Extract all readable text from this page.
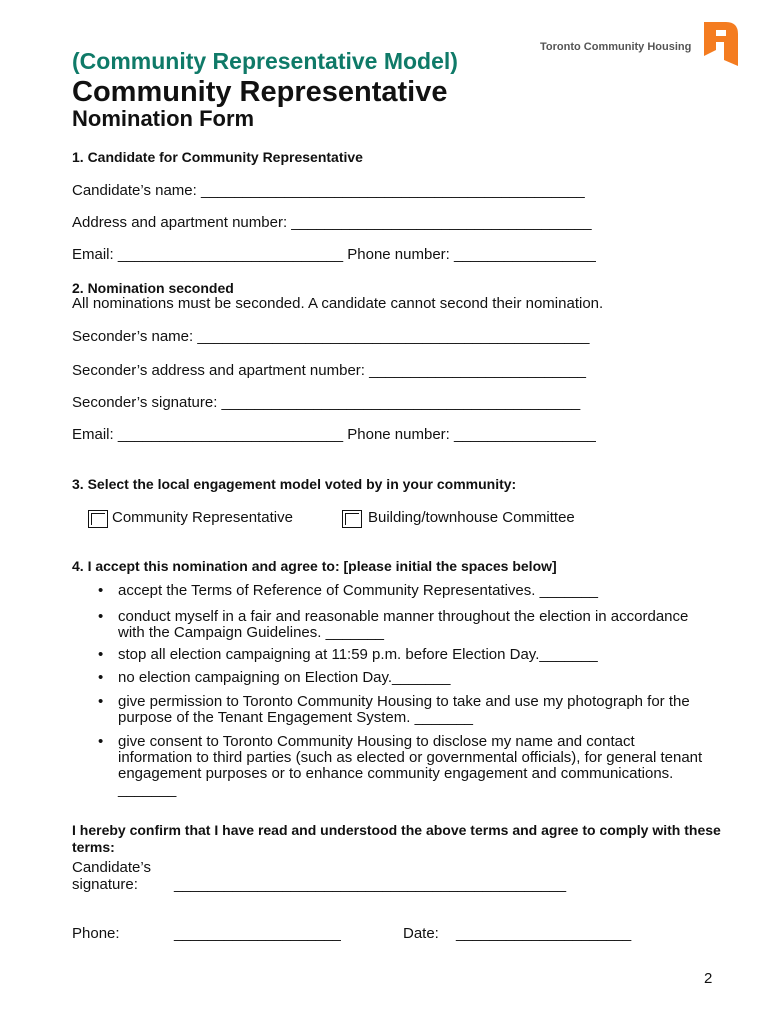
(Community Representative Model)
Community Representative
Nomination Form
Toronto Community Housing
1. Candidate for Community Representative
Candidate’s name: ______________________________________________
Address and apartment number: ____________________________________
Email: ___________________________ Phone number: _________________
2. Nomination seconded
All nominations must be seconded. A candidate cannot second their nomination.
Seconder’s name: _______________________________________________
Seconder’s address and apartment number: __________________________
Seconder’s signature: ___________________________________________
Email: ___________________________ Phone number: _________________
3. Select the local engagement model voted by in your community:
Community Representative	Building/townhouse Committee
4. I accept this nomination and agree to: [please initial the spaces below]
• accept the Terms of Reference of Community Representatives. _______
• conduct myself in a fair and reasonable manner throughout the election in accordance with the Campaign Guidelines. _______
• stop all election campaigning at 11:59 p.m. before Election Day._______
• no election campaigning on Election Day._______
• give permission to Toronto Community Housing to take and use my photograph for the purpose of the Tenant Engagement System. _______
• give consent to Toronto Community Housing to disclose my name and contact information to third parties (such as elected or governmental officials), for general tenant engagement purposes or to enhance community engagement and communications. _______
I hereby confirm that I have read and understood the above terms and agree to comply with these terms:
Candidate’s
signature: _______________________________________________
Phone:	____________________	Date: _____________________
2
